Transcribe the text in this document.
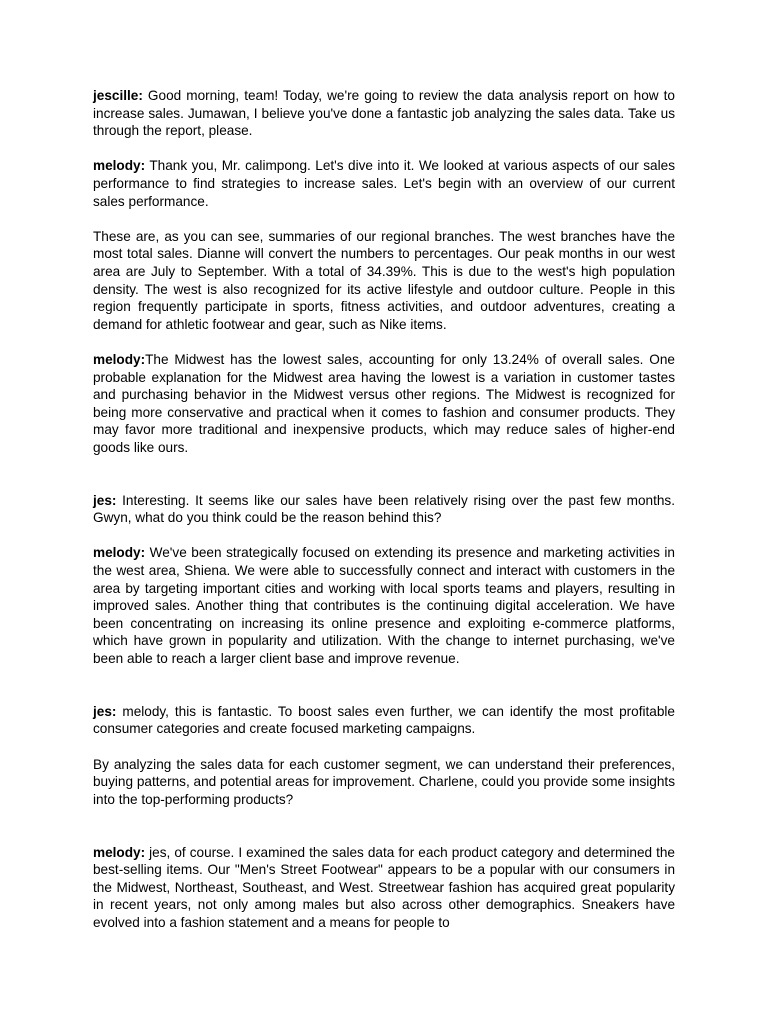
jescille: Good morning, team! Today, we're going to review the data analysis report on how to increase sales. Jumawan, I believe you've done a fantastic job analyzing the sales data. Take us through the report, please.

melody: Thank you, Mr. calimpong. Let's dive into it. We looked at various aspects of our sales performance to find strategies to increase sales. Let's begin with an overview of our current sales performance.

These are, as you can see, summaries of our regional branches. The west branches have the most total sales. Dianne will convert the numbers to percentages. Our peak months in our west area are July to September. With a total of 34.39%. This is due to the west's high population density. The west is also recognized for its active lifestyle and outdoor culture. People in this region frequently participate in sports, fitness activities, and outdoor adventures, creating a demand for athletic footwear and gear, such as Nike items.

melody:The Midwest has the lowest sales, accounting for only 13.24% of overall sales. One probable explanation for the Midwest area having the lowest is a variation in customer tastes and purchasing behavior in the Midwest versus other regions. The Midwest is recognized for being more conservative and practical when it comes to fashion and consumer products. They may favor more traditional and inexpensive products, which may reduce sales of higher-end goods like ours.

jes: Interesting. It seems like our sales have been relatively rising over the past few months. Gwyn, what do you think could be the reason behind this?

melody: We've been strategically focused on extending its presence and marketing activities in the west area, Shiena. We were able to successfully connect and interact with customers in the area by targeting important cities and working with local sports teams and players, resulting in improved sales. Another thing that contributes is the continuing digital acceleration. We have been concentrating on increasing its online presence and exploiting e-commerce platforms, which have grown in popularity and utilization. With the change to internet purchasing, we've been able to reach a larger client base and improve revenue.

jes: melody, this is fantastic. To boost sales even further, we can identify the most profitable consumer categories and create focused marketing campaigns.

By analyzing the sales data for each customer segment, we can understand their preferences, buying patterns, and potential areas for improvement. Charlene, could you provide some insights into the top-performing products?

melody: jes, of course. I examined the sales data for each product category and determined the best-selling items. Our "Men's Street Footwear" appears to be a popular with our consumers in the Midwest, Northeast, Southeast, and West. Streetwear fashion has acquired great popularity in recent years, not only among males but also across other demographics. Sneakers have evolved into a fashion statement and a means for people to
